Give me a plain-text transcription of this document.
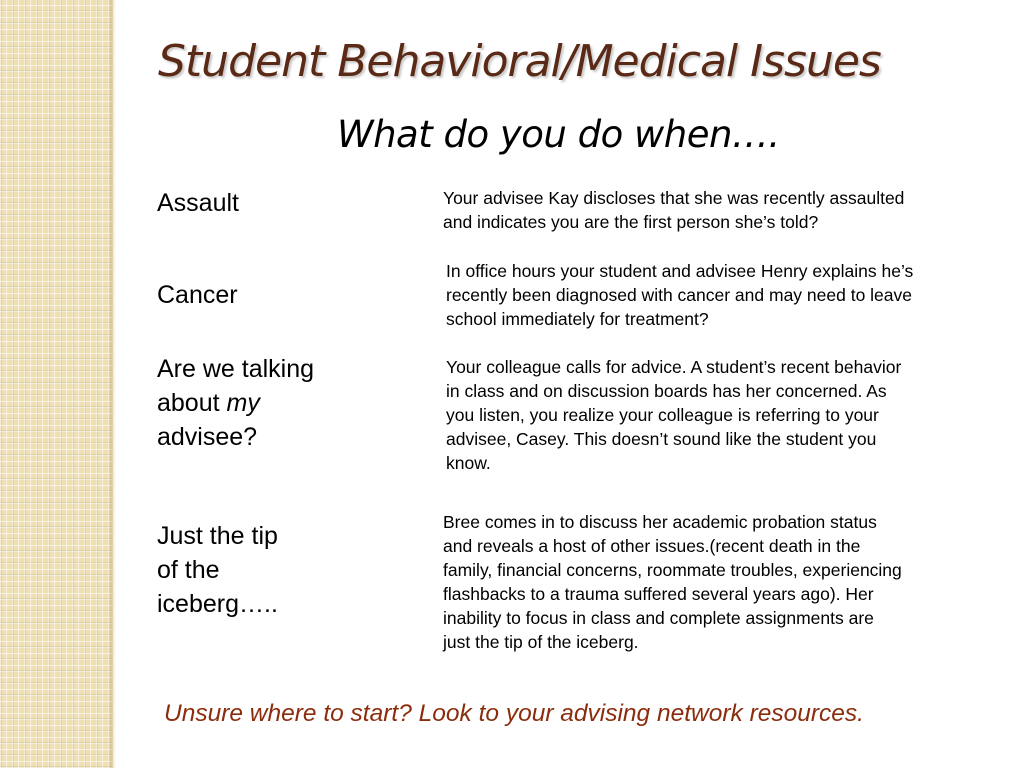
Student Behavioral/Medical Issues
What do you do when….
Assault	Your advisee Kay discloses that she was recently assaulted
and indicates you are the first person she’s told?
Cancer
In office hours your student and advisee Henry explains he’s
recently been diagnosed with cancer and may need to leave
school immediately for treatment?
Are we talking
about my
advisee?
Your colleague calls for advice. A student’s recent behavior
in class and on discussion boards has her concerned. As
you listen, you realize your colleague is referring to your
advisee, Casey. This doesn’t sound like the student you
know.
Just the tip
of the
iceberg…..
Bree comes in to discuss her academic probation status
and reveals a host of other issues.(recent death in the
family, financial concerns, roommate troubles, experiencing
flashbacks to a trauma suffered several years ago). Her
inability to focus in class and complete assignments are
just the tip of the iceberg.

Unsure where to start? Look to your advising network resources.
